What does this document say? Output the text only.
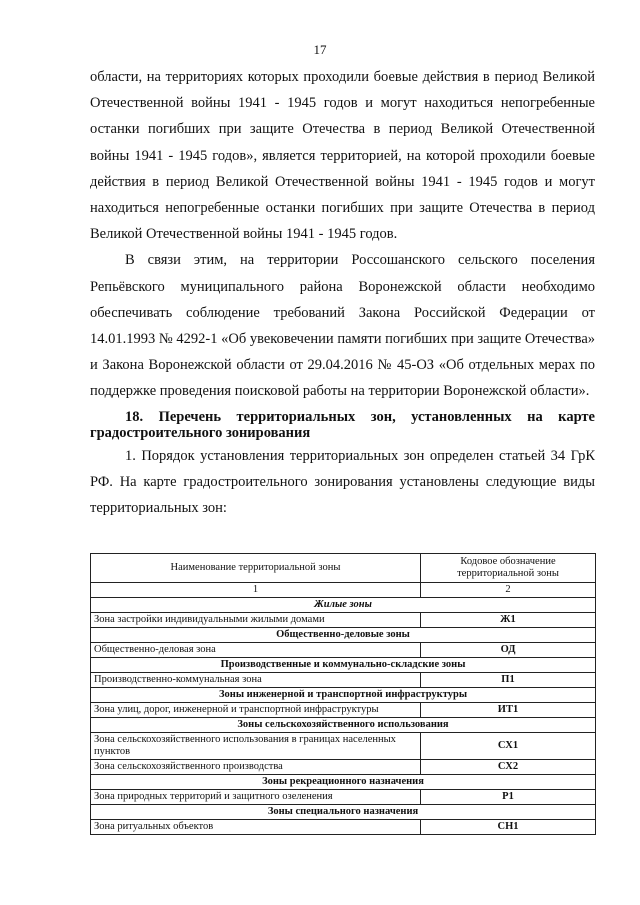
17

области, на территориях которых проходили боевые действия в период Великой Отечественной войны 1941 - 1945 годов и могут находиться непогребенные останки погибших при защите Отечества в период Великой Отечественной войны 1941 - 1945 годов», является территорией, на которой проходили боевые действия в период Великой Отечественной войны 1941 - 1945 годов и могут находиться непогребенные останки погибших при защите Отечества в период Великой Отечественной войны 1941 - 1945 годов.

В связи этим, на территории Россошанского сельского поселения Репьёвского муниципального района Воронежской области необходимо обеспечивать соблюдение требований Закона Российской Федерации от 14.01.1993 № 4292-1 «Об увековечении памяти погибших при защите Отечества» и Закона Воронежской области от 29.04.2016 № 45-ОЗ «Об отдельных мерах по поддержке проведения поисковой работы на территории Воронежской области».

18. Перечень территориальных зон, установленных на карте градостроительного зонирования

1. Порядок установления территориальных зон определен статьей 34 ГрК РФ. На карте градостроительного зонирования установлены следующие виды территориальных зон:

Наименование территориальной зоны	Кодовое обозначение территориальной зоны
1	2
Жилые зоны	
Зона застройки индивидуальными жилыми домами	Ж1
Общественно-деловые зоны	
Общественно-деловая зона	ОД
Производственные и коммунально-складские зоны	
Производственно-коммунальная зона	П1
Зоны инженерной и транспортной инфраструктуры	
Зона улиц, дорог, инженерной и транспортной инфраструктуры	ИТ1
Зоны сельскохозяйственного использования	
Зона сельскохозяйственного использования в границах населенных пунктов	СХ1
Зона сельскохозяйственного производства	СХ2
Зоны рекреационного назначения	
Зона природных территорий и защитного озеленения	Р1
Зоны специального назначения	
Зона ритуальных объектов	СН1
